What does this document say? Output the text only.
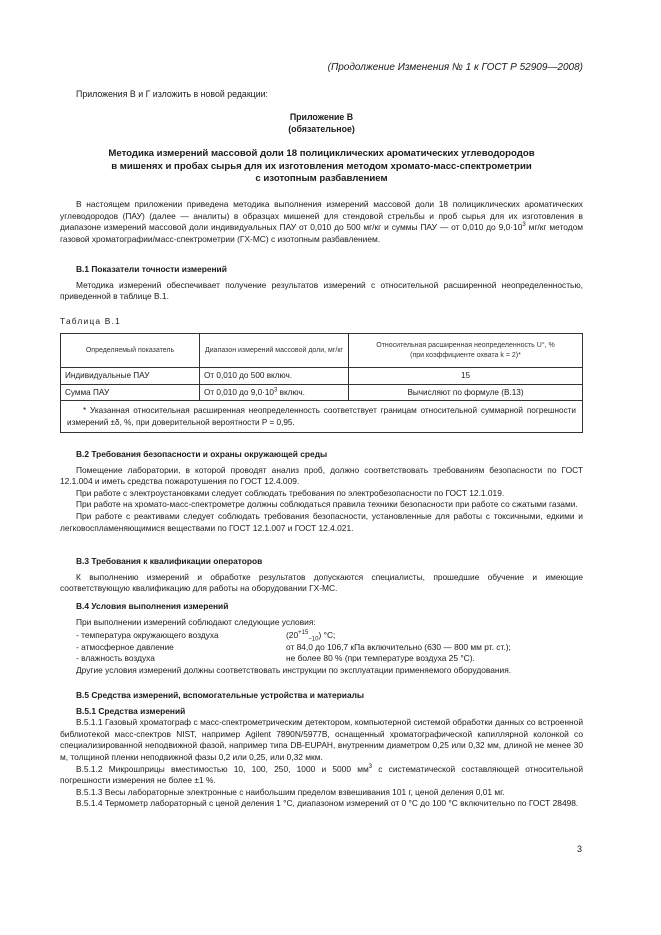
(Продолжение Изменения № 1 к ГОСТ Р 52909—2008)

Приложения В и Г изложить в новой редакции:

Приложение В
(обязательное)
Методика измерений массовой доли 18 полициклических ароматических углеводородов
в мишенях и пробах сырья для их изготовления методом хромато-масс-спектрометрии
с изотопным разбавлением

В настоящем приложении приведена методика выполнения измерений массовой доли 18 полициклических ароматических углеводородов (ПАУ) (далее — аналиты) в образцах мишеней для стендовой стрельбы и проб сырья для их изготовления в диапазоне измерений массовой доли индивидуальных ПАУ от 0,010 до 500 мг/кг и суммы ПАУ — от 0,010 до $9,0\cdot 10^3$ мг/кг методом газовой хроматографии/масс-спектрометрии (ГХ-МС) с изотопным разбавлением.

В.1 Показатели точности измерений

Методика измерений обеспечивает получение результатов измерений с относительной расширенной неопределенностью, приведенной в таблице В.1.

Таблица В.1
Определяемый показатель	Диапазон измерений массовой доли, мг/кг	Относительная расширенная неопределенность U°, %
(при коэффициенте охвата k = 2)*
Индивидуальные ПАУ	От 0,010 до 500 включ.	15
Сумма ПАУ	От 0,010 до $9,0\cdot 10^3$ включ.	Вычисляют по формуле (В.13)
* Указанная относительная расширенная неопределенность соответствует границам относительной суммарной погрешности измерений ±δ, %, при доверительной вероятности P = 0,95.		

В.2 Требования безопасности и охраны окружающей среды

Помещение лаборатории, в которой проводят анализ проб, должно соответствовать требованиям безопасности по ГОСТ 12.1.004 и иметь средства пожаротушения по ГОСТ 12.4.009.

При работе с электроустановками следует соблюдать требования по электробезопасности по ГОСТ 12.1.019.

При работе на хромато-масс-спектрометре должны соблюдаться правила техники безопасности при работе со сжатыми газами.

При работе с реактивами следует соблюдать требования безопасности, установленные для работы с токсичными, едкими и легковоспламеняющимися веществами по ГОСТ 12.1.007 и ГОСТ 12.4.021.

В.3 Требования к квалификации операторов

К выполнению измерений и обработке результатов допускаются специалисты, прошедшие обучение и имеющие соответствующую квалификацию для работы на оборудовании ГХ-МС.

В.4 Условия выполнения измерений

При выполнении измерений соблюдают следующие условия:

- температура окружающего воздуха	$(20^{+15}_{-10})$ °C;
- атмосферное давление	от 84,0 до 106,7 кПа включительно (630 — 800 мм рт. ст.);
- влажность воздуха	не более 80 % (при температуре воздуха 25 °C).

Другие условия измерений должны соответствовать инструкции по эксплуатации применяемого оборудования.

В.5 Средства измерений, вспомогательные устройства и материалы

В.5.1 Средства измерений

В.5.1.1 Газовый хроматограф с масс-спектрометрическим детектором, компьютерной системой обработки данных со встроенной библиотекой масс-спектров NIST, например Agilent 7890N/5977B, оснащенный хроматографической капиллярной колонкой со специализированной неподвижной фазой, например типа DB-EUPAH, внутренним диаметром 0,25 или 0,32 мм, длиной не менее 30 м, толщиной пленки неподвижной фазы 0,2 или 0,25, или 0,32 мкм.

В.5.1.2 Микрошприцы вместимостью 10, 100, 250, 1000 и 5000 $мм^3$ с систематической составляющей относительной погрешности измерения не более ±1 %.

В.5.1.3 Весы лабораторные электронные с наибольшим пределом взвешивания 101 г, ценой деления 0,01 мг.

В.5.1.4 Термометр лабораторный с ценой деления 1 °C, диапазоном измерений от 0 °C до 100 °C включительно по ГОСТ 28498.

3
